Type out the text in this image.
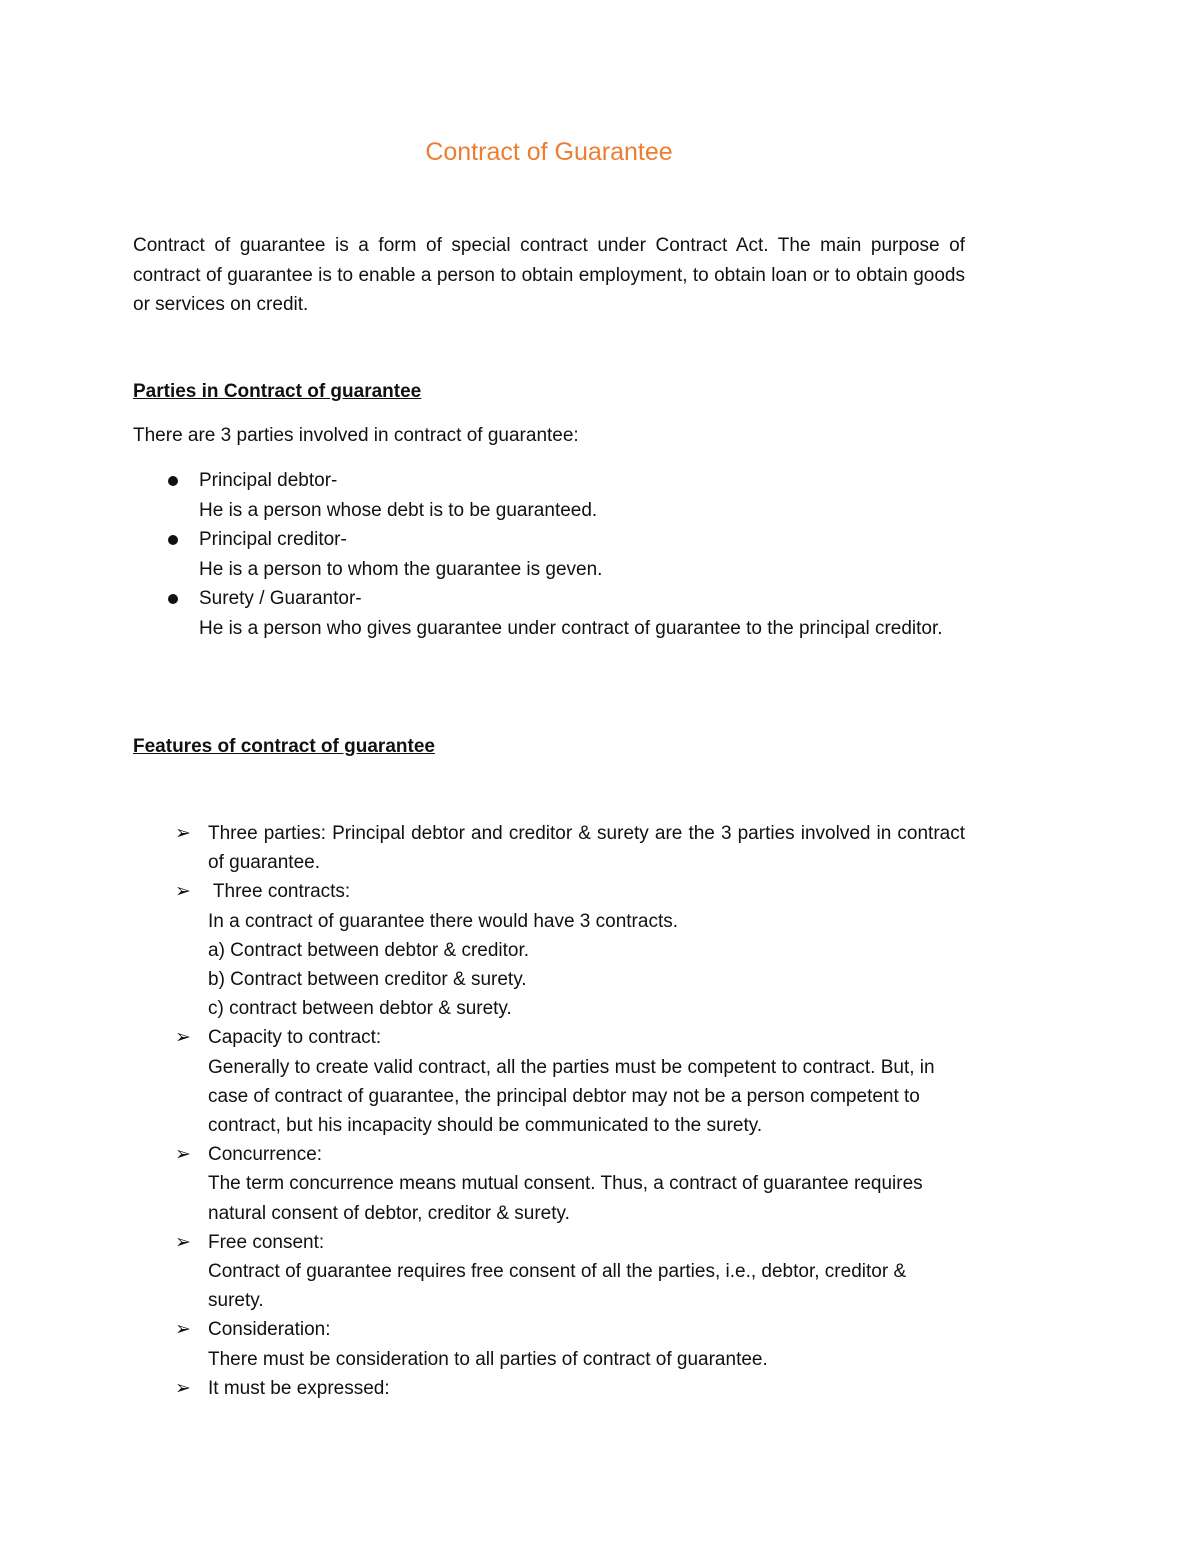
Contract of Guarantee
Contract of guarantee is a form of special contract under Contract Act. The main purpose of contract of guarantee is to enable a person to obtain employment, to obtain loan or to obtain goods or services on credit.
Parties in Contract of guarantee
There are 3 parties involved in contract of guarantee:
Principal debtor-
He is a person whose debt is to be guaranteed.
Principal creditor-
He is a person to whom the guarantee is geven.
Surety / Guarantor-
He is a person who gives guarantee under contract of guarantee to the principal creditor.
Features of contract of guarantee
➢ Three parties: Principal debtor and creditor & surety are the 3 parties involved in contract of guarantee.
➢ Three contracts:
In a contract of guarantee there would have 3 contracts.
a) Contract between debtor & creditor.
b) Contract between creditor & surety.
c) contract between debtor & surety.
➢ Capacity to contract:
Generally to create valid contract, all the parties must be competent to contract. But, in case of contract of guarantee, the principal debtor may not be a person competent to contract, but his incapacity should be communicated to the surety.
➢ Concurrence:
The term concurrence means mutual consent. Thus, a contract of guarantee requires natural consent of debtor, creditor & surety.
➢ Free consent:
Contract of guarantee requires free consent of all the parties, i.e., debtor, creditor & surety.
➢ Consideration:
There must be consideration to all parties of contract of guarantee.
➢ It must be expressed:
